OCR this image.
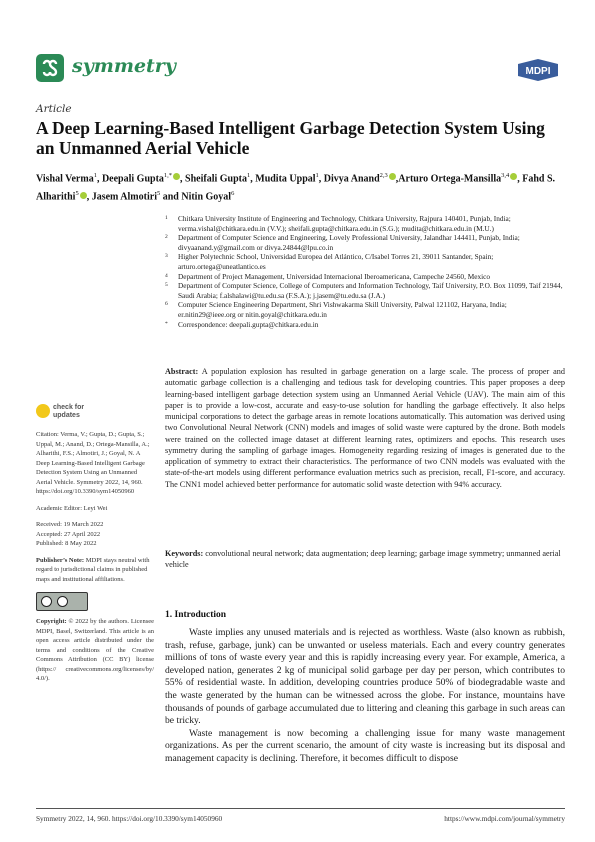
symmetry	MDPI
Article
A Deep Learning-Based Intelligent Garbage Detection System Using an Unmanned Aerial Vehicle
Vishal Verma$^1$, Deepali Gupta$^{1,*}$ , Sheifali Gupta$^1$, Mudita Uppal$^1$, Divya Anand$^{2,3}$ ,Arturo Ortega-Mansilla$^{3,4}$ , Fahd S. Alharithi$^5$ , Jasem Almotiri$^5$ and Nitin Goyal$^6$
1 Chitkara University Institute of Engineering and Technology, Chitkara University, Rajpura 140401, Punjab, India; verma.vishal@chitkara.edu.in (V.V.); sheifali.gupta@chitkara.edu.in (S.G.); mudita@chitkara.edu.in (M.U.)
2 Department of Computer Science and Engineering, Lovely Professional University, Jalandhar 144411, Punjab, India; divyaanand.y@gmail.com or divya.24844@lpu.co.in
3 Higher Polytechnic School, Universidad Europea del Atlántico, C/Isabel Torres 21, 39011 Santander, Spain; arturo.ortega@uneatlantico.es
4 Department of Project Management, Universidad Internacional Iberoamericana, Campeche 24560, Mexico
5 Department of Computer Science, College of Computers and Information Technology, Taif University, P.O. Box 11099, Taif 21944, Saudi Arabia; f.alshalawi@tu.edu.sa (F.S.A.); j.jasem@tu.edu.sa (J.A.)
6 Computer Science Engineering Department, Shri Vishwakarma Skill University, Palwal 121102, Haryana, India; er.nitin29@ieee.org or nitin.goyal@chitkara.edu.in
* Correspondence: deepali.gupta@chitkara.edu.in
check for
updates
Citation: Verma, V.; Gupta, D.; Gupta, S.; Uppal, M.; Anand, D.; Ortega-Mansilla, A.; Alharithi, F.S.; Almotiri, J.; Goyal, N. A Deep Learning-Based Intelligent Garbage Detection System Using an Unmanned Aerial Vehicle. Symmetry 2022, 14, 960. https://doi.org/10.3390/sym14050960
Academic Editor: Leyi Wei
Received: 19 March 2022
Accepted: 27 April 2022
Published: 8 May 2022
Publisher’s Note: MDPI stays neutral with regard to jurisdictional claims in published maps and institutional affiliations.
Copyright: © 2022 by the authors. Licensee MDPI, Basel, Switzerland. This article is an open access article distributed under the terms and conditions of the Creative Commons Attribution (CC BY) license (https:// creativecommons.org/licenses/by/ 4.0/).
Abstract: A population explosion has resulted in garbage generation on a large scale. The process of proper and automatic garbage collection is a challenging and tedious task for developing countries. This paper proposes a deep learning-based intelligent garbage detection system using an Unmanned Aerial Vehicle (UAV). The main aim of this paper is to provide a low-cost, accurate and easy-to-use solution for handling the garbage effectively. It also helps municipal corporations to detect the garbage areas in remote locations automatically. This automation was derived using two Convolutional Neural Network (CNN) models and images of solid waste were captured by the drone. Both models were trained on the collected image dataset at different learning rates, optimizers and epochs. This research uses symmetry during the sampling of garbage images. Homogeneity regarding resizing of images is generated due to the application of symmetry to extract their characteristics. The performance of two CNN models was evaluated with the state-of-the-art models using different performance evaluation metrics such as precision, recall, F1-score, and accuracy. The CNN1 model achieved better performance for automatic solid waste detection with 94% accuracy.
Keywords: convolutional neural network; data augmentation; deep learning; garbage image symmetry; unmanned aerial vehicle
1. Introduction

Waste implies any unused materials and is rejected as worthless. Waste (also known as rubbish, trash, refuse, garbage, junk) can be unwanted or useless materials. Each and every country generates millions of tons of waste every year and this is rapidly increasing every year. For example, America, a developed nation, generates 2 kg of municipal solid garbage per day per person, which contributes to 55% of residential waste. In addition, developing countries produce 50% of biodegradable waste and the waste generated by the human can be witnessed across the globe. For instance, mountains have thousands of pounds of garbage accumulated due to littering and cleaning this garbage in such areas can be tricky.

Waste management is now becoming a challenging issue for many waste management organizations. As per the current scenario, the amount of city waste is increasing but its disposal and management capacity is declining. Therefore, it becomes difficult to dispose

Symmetry 2022, 14, 960. https://doi.org/10.3390/sym14050960	https://www.mdpi.com/journal/symmetry
